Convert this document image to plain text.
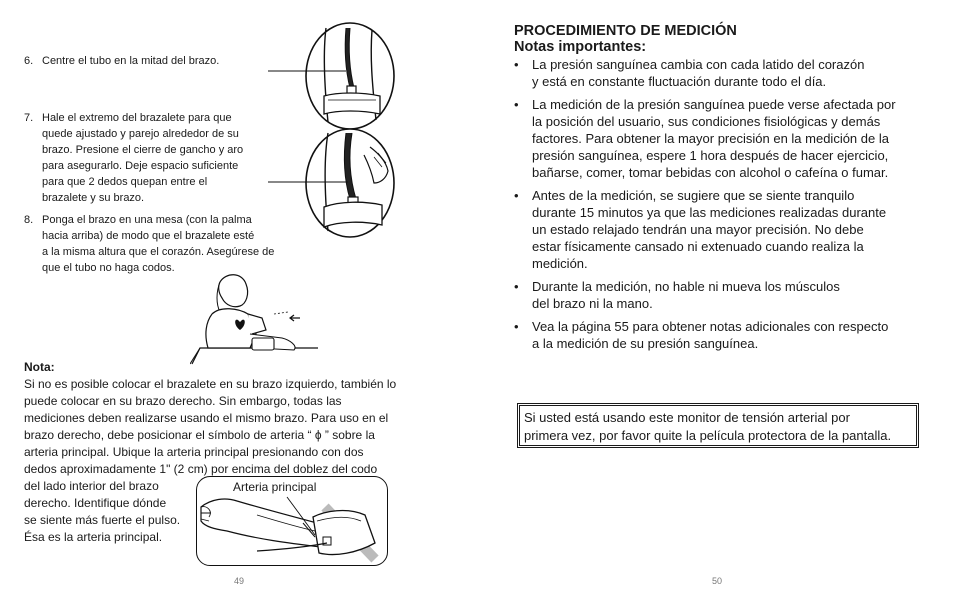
6. Centre el tubo en la mitad del brazo.
7. Hale el extremo del brazalete para que
quede ajustado y parejo alrededor de su
brazo. Presione el cierre de gancho y aro
para asegurarlo. Deje espacio suficiente
para que 2 dedos quepan entre el
brazalete y su brazo.
8. Ponga el brazo en una mesa (con la palma
hacia arriba) de modo que el brazalete esté
a la misma altura que el corazón. Asegúrese de
que el tubo no haga codos.
Nota:
Si no es posible colocar el brazalete en su brazo izquierdo, también lo
puede colocar en su brazo derecho. Sin embargo, todas las
mediciones deben realizarse usando el mismo brazo. Para uso en el
brazo derecho, debe posicionar el símbolo de arteria “ ϕ ” sobre la
arteria principal. Ubique la arteria principal presionando con dos
dedos aproximadamente 1" (2 cm) por encima del doblez del codo
del lado interior del brazo
derecho. Identifique dónde
se siente más fuerte el pulso.
Ésa es la arteria principal.
Arteria principal
49
PROCEDIMIENTO DE MEDICIÓN
Notas importantes:
• La presión sanguínea cambia con cada latido del corazón
y está en constante fluctuación durante todo el día.
• La medición de la presión sanguínea puede verse afectada por
la posición del usuario, sus condiciones fisiológicas y demás
factores. Para obtener la mayor precisión en la medición de la
presión sanguínea, espere 1 hora después de hacer ejercicio,
bañarse, comer, tomar bebidas con alcohol o cafeína o fumar.
• Antes de la medición, se sugiere que se siente tranquilo
durante 15 minutos ya que las mediciones realizadas durante
un estado relajado tendrán una mayor precisión. No debe
estar físicamente cansado ni extenuado cuando realiza la
medición.
• Durante la medición, no hable ni mueva los músculos
del brazo ni la mano.
• Vea la página 55 para obtener notas adicionales con respecto
a la medición de su presión sanguínea.
Si usted está usando este monitor de tensión arterial por
primera vez, por favor quite la película protectora de la pantalla.
50
